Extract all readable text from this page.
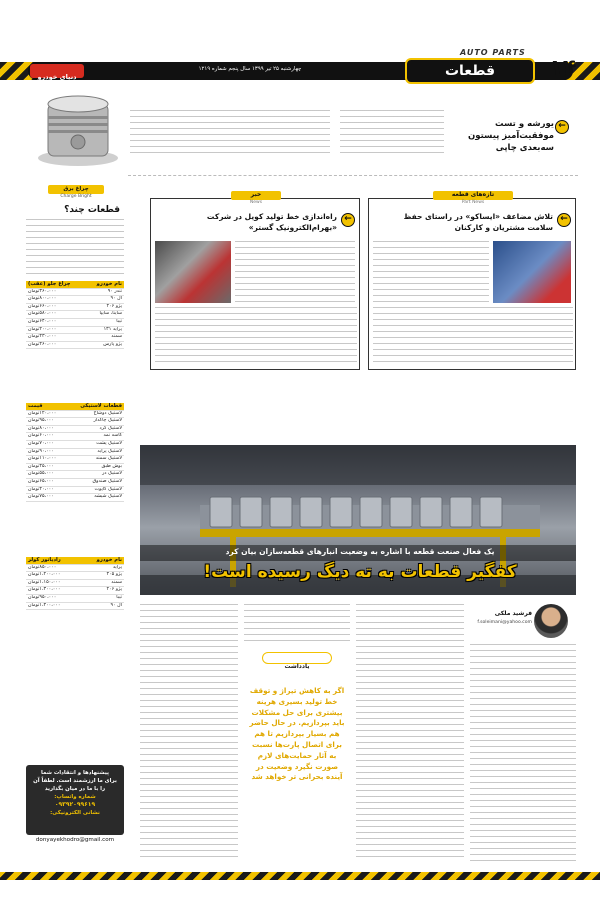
قطعات
AUTO PARTS
۱۴
چهارشنبه ۲۵ تیر ۱۳۹۹ سال پنجم شماره ۱۲۱۹
دنیای خودرو
←
یورشه و تست موفقیت‌آمیز پیستون سه‌بعدی چاپی
چراغ برق
Charge Bright
قطعات چند؟
نام خودرو	چراغ جلو (عقب)
تندر ۹۰	۳۶۰،۰۰۰تومان
ال ۹۰	۸۰۰،۰۰۰تومان
پژو ۲۰۶	۶۶۰،۰۰۰تومان
ساینا، سایپا	۵۸۰،۰۰۰تومان
تیبا	۶۴۰،۰۰۰تومان
پراید ۱۳۱	۲۰۰،۰۰۰تومان
سمند	۴۳۰،۰۰۰تومان
پژو پارس	۴۶۰،۰۰۰تومان
قطعات لاستیکی	قیمت
لاستیک دوشاخ	۱۲۰،۰۰۰تومان
لاستیک چاکدار	۹۵،۰۰۰تومان
لاستیک گرد	۸۰،۰۰۰تومان
کاسه نمد	۶۰،۰۰۰تومان
لاستیک پشت	۷۰،۰۰۰تومان
لاستیک پراید	۹۰،۰۰۰تومان
لاستیک سمند	۱۱۰،۰۰۰تومان
بوش طبق	۴۵،۰۰۰تومان
لاستیک در	۵۵،۰۰۰تومان
لاستیک صندوق	۶۵،۰۰۰تومان
لاستیک کاپوت	۴۰،۰۰۰تومان
لاستیک شیشه	۷۵،۰۰۰تومان
نام خودرو	رادیاتور کولر
پراید	۸۵۰،۰۰۰تومان
پژو ۴۰۵	۱،۲۰۰،۰۰۰تومان
سمند	۱،۱۵۰،۰۰۰تومان
پژو ۲۰۶	۱،۳۰۰،۰۰۰تومان
تیبا	۹۵۰،۰۰۰تومان
ال ۹۰	۱،۴۰۰،۰۰۰تومان
پیشنهادها و انتقادات شما
برای ما ارزشمند است. لطفاً آن
را با ما در میان بگذارید
شماره واتساپ:
۰۹۳۹۲۰۹۹۶۱۹
نشانی الکترونیکی:
donyayekhodro@gmail.com
تازه‌های قطعه
Part News
←
تلاش مضاعف «ایساکو» در راستای حفظ سلامت مشتریان و کارکنان
خبر
News
←
راه‌اندازی خط تولید کویل در شرکت «بهرام‌الکترونیک گستر»
یک فعال صنعت قطعه با اشاره به وضعیت انبارهای قطعه‌سازان بیان کرد
کفگیر قطعات به ته دیگ رسیده است!
فرشید ملکی
f.soleimani@yahoo.com
یادداشت
اگر به کاهش تیراژ و توقف خط تولید بسیری هرینه بیشتری برای حل مشکلات باید بپردازیم. در حال حاضر هم بسیار بپردازیم تا هم برای اتصال پارت‌ها نسبت به آثار حمایت‌های لازم صورت نگیرد وضعیت در آینده بحرانی تر خواهد شد
